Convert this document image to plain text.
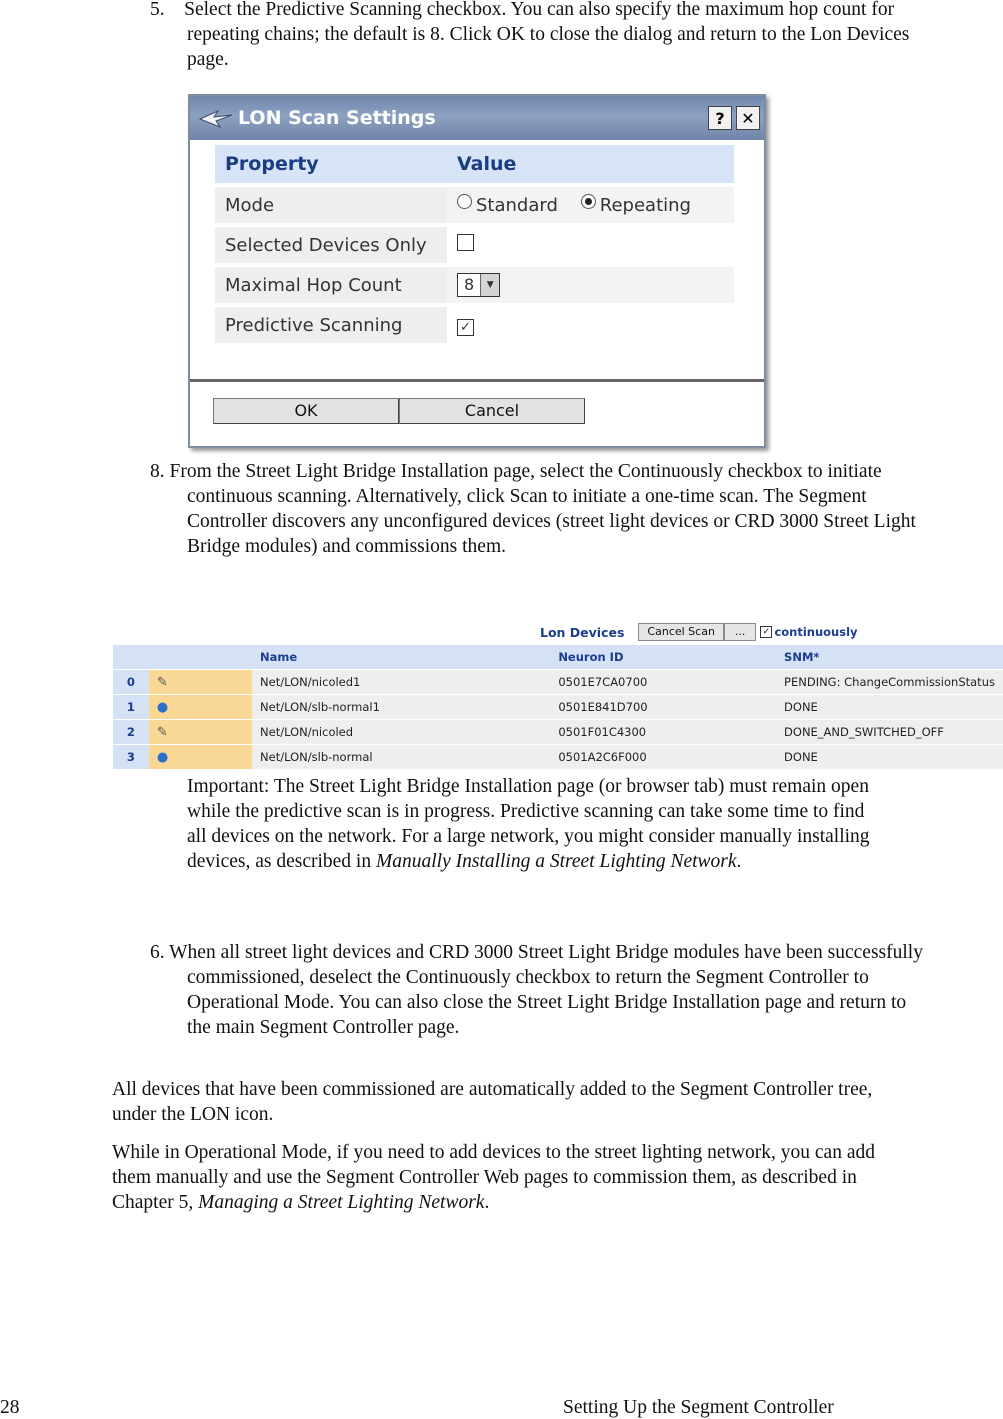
5.    Select the Predictive Scanning checkbox. You can also specify the maximum hop count for repeating chains; the default is 8. Click OK to close the dialog and return to the Lon Devices page.

LON Scan Settings	?	✕
Property	Value
Mode	Standard Repeating
Selected Devices Only	
Maximal Hop Count	8 ▼

Predictive Scanning	✓
OK	Cancel

8. From the Street Light Bridge Installation page, select the Continuously checkbox to initiate continuous scanning. Alternatively, click Scan to initiate a one-time scan. The Segment Controller discovers any unconfigured devices (street light devices or CRD 3000 Street Light Bridge modules) and commissions them.

Lon Devices	Cancel Scan	...	✓ continuously
		Name	Neuron ID	SNM*
0	✎	Net/LON/nicoled1	0501E7CA0700	PENDING: ChangeCommissionStatus
1	●	Net/LON/slb-normal1	0501E841D700	DONE
2	✎	Net/LON/nicoled	0501F01C4300	DONE_AND_SWITCHED_OFF
3	●	Net/LON/slb-normal	0501A2C6F000	DONE

Important: The Street Light Bridge Installation page (or browser tab) must remain open while the predictive scan is in progress. Predictive scanning can take some time to find all devices on the network. For a large network, you might consider manually installing devices, as described in Manually Installing a Street Lighting Network.

6. When all street light devices and CRD 3000 Street Light Bridge modules have been successfully commissioned, deselect the Continuously checkbox to return the Segment Controller to Operational Mode. You can also close the Street Light Bridge Installation page and return to the main Segment Controller page.

All devices that have been commissioned are automatically added to the Segment Controller tree, under the LON icon.

While in Operational Mode, if you need to add devices to the street lighting network, you can add them manually and use the Segment Controller Web pages to commission them, as described in Chapter 5, Managing a Street Lighting Network.

28	Setting Up the Segment Controller
